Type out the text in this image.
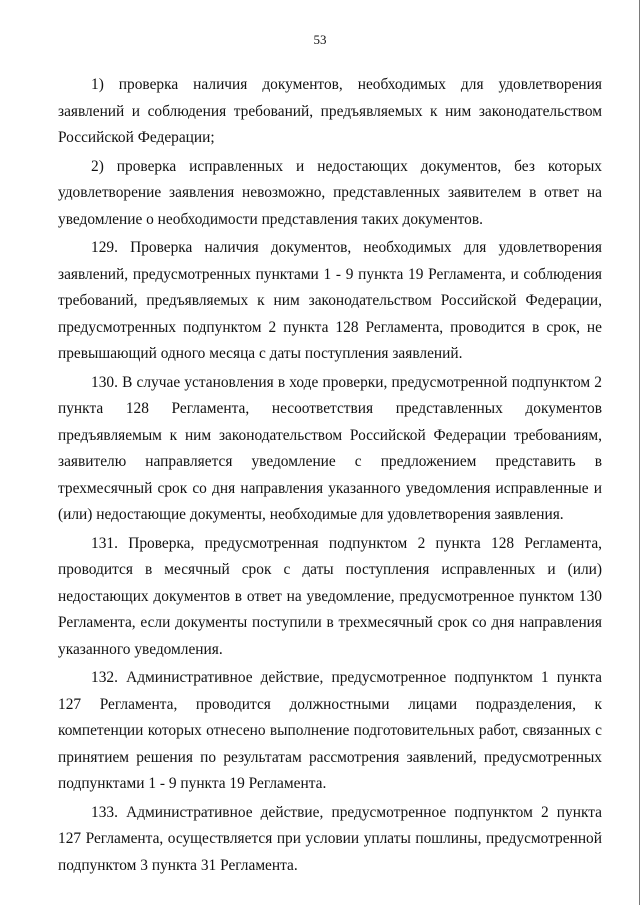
53

1) проверка наличия документов, необходимых для удовлетворения заявлений и соблюдения требований, предъявляемых к ним законодательством Российской Федерации;

2) проверка исправленных и недостающих документов, без которых удовлетворение заявления невозможно, представленных заявителем в ответ на уведомление о необходимости представления таких документов.

129. Проверка наличия документов, необходимых для удовлетворения заявлений, предусмотренных пунктами 1 - 9 пункта 19 Регламента, и соблюдения требований, предъявляемых к ним законодательством Российской Федерации, предусмотренных подпунктом 2 пункта 128 Регламента, проводится в срок, не превышающий одного месяца с даты поступления заявлений.

130. В случае установления в ходе проверки, предусмотренной подпунктом 2 пункта 128 Регламента, несоответствия представленных документов предъявляемым к ним законодательством Российской Федерации требованиям, заявителю направляется уведомление с предложением представить в трехмесячный срок со дня направления указанного уведомления исправленные и (или) недостающие документы, необходимые для удовлетворения заявления.

131. Проверка, предусмотренная подпунктом 2 пункта 128 Регламента, проводится в месячный срок с даты поступления исправленных и (или) недостающих документов в ответ на уведомление, предусмотренное пунктом 130 Регламента, если документы поступили в трехмесячный срок со дня направления указанного уведомления.

132. Административное действие, предусмотренное подпунктом 1 пункта 127 Регламента, проводится должностными лицами подразделения, к компетенции которых отнесено выполнение подготовительных работ, связанных с принятием решения по результатам рассмотрения заявлений, предусмотренных подпунктами 1 - 9 пункта 19 Регламента.

133. Административное действие, предусмотренное подпунктом 2 пункта 127 Регламента, осуществляется при условии уплаты пошлины, предусмотренной подпунктом 3 пункта 31 Регламента.
